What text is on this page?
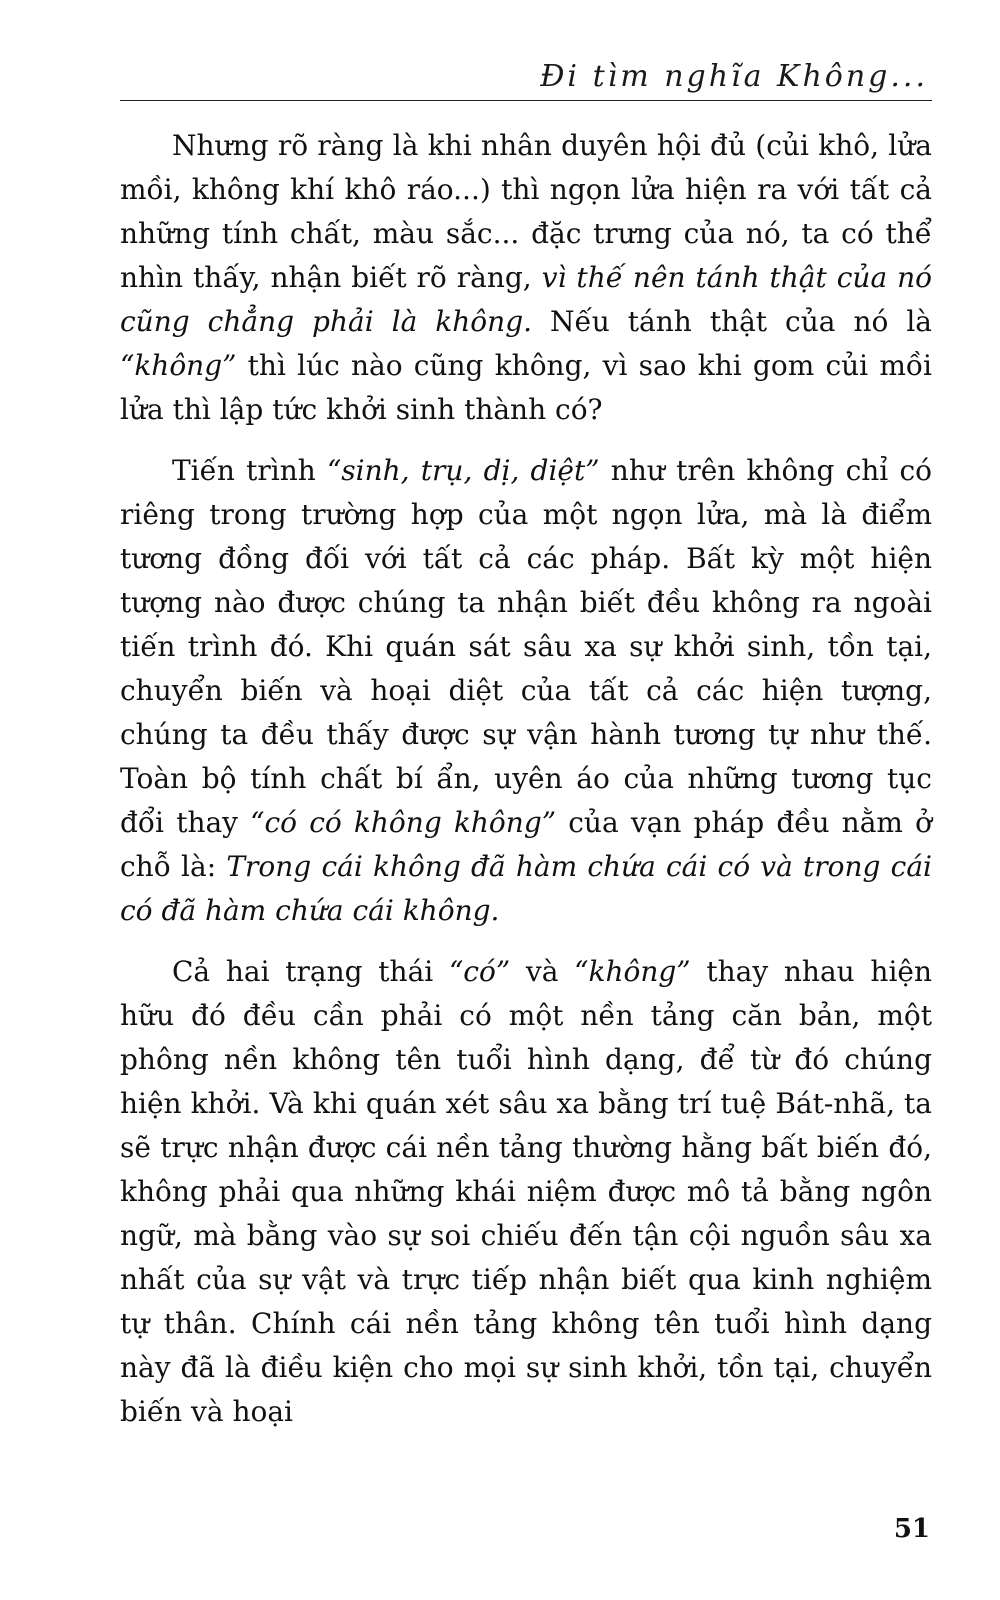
Đi tìm nghĩa Không...

Nhưng rõ ràng là khi nhân duyên hội đủ (củi khô, lửa mồi, không khí khô ráo...) thì ngọn lửa hiện ra với tất cả những tính chất, màu sắc... đặc trưng của nó, ta có thể nhìn thấy, nhận biết rõ ràng, vì thế nên tánh thật của nó cũng chẳng phải là không. Nếu tánh thật của nó là “không” thì lúc nào cũng không, vì sao khi gom củi mồi lửa thì lập tức khởi sinh thành có?

Tiến trình “sinh, trụ, dị, diệt” như trên không chỉ có riêng trong trường hợp của một ngọn lửa, mà là điểm tương đồng đối với tất cả các pháp. Bất kỳ một hiện tượng nào được chúng ta nhận biết đều không ra ngoài tiến trình đó. Khi quán sát sâu xa sự khởi sinh, tồn tại, chuyển biến và hoại diệt của tất cả các hiện tượng, chúng ta đều thấy được sự vận hành tương tự như thế. Toàn bộ tính chất bí ẩn, uyên áo của những tương tục đổi thay “có có không không” của vạn pháp đều nằm ở chỗ là: Trong cái không đã hàm chứa cái có và trong cái có đã hàm chứa cái không.

Cả hai trạng thái “có” và “không” thay nhau hiện hữu đó đều cần phải có một nền tảng căn bản, một phông nền không tên tuổi hình dạng, để từ đó chúng hiện khởi. Và khi quán xét sâu xa bằng trí tuệ Bát-nhã, ta sẽ trực nhận được cái nền tảng thường hằng bất biến đó, không phải qua những khái niệm được mô tả bằng ngôn ngữ, mà bằng vào sự soi chiếu đến tận cội nguồn sâu xa nhất của sự vật và trực tiếp nhận biết qua kinh nghiệm tự thân. Chính cái nền tảng không tên tuổi hình dạng này đã là điều kiện cho mọi sự sinh khởi, tồn tại, chuyển biến và hoại

51
